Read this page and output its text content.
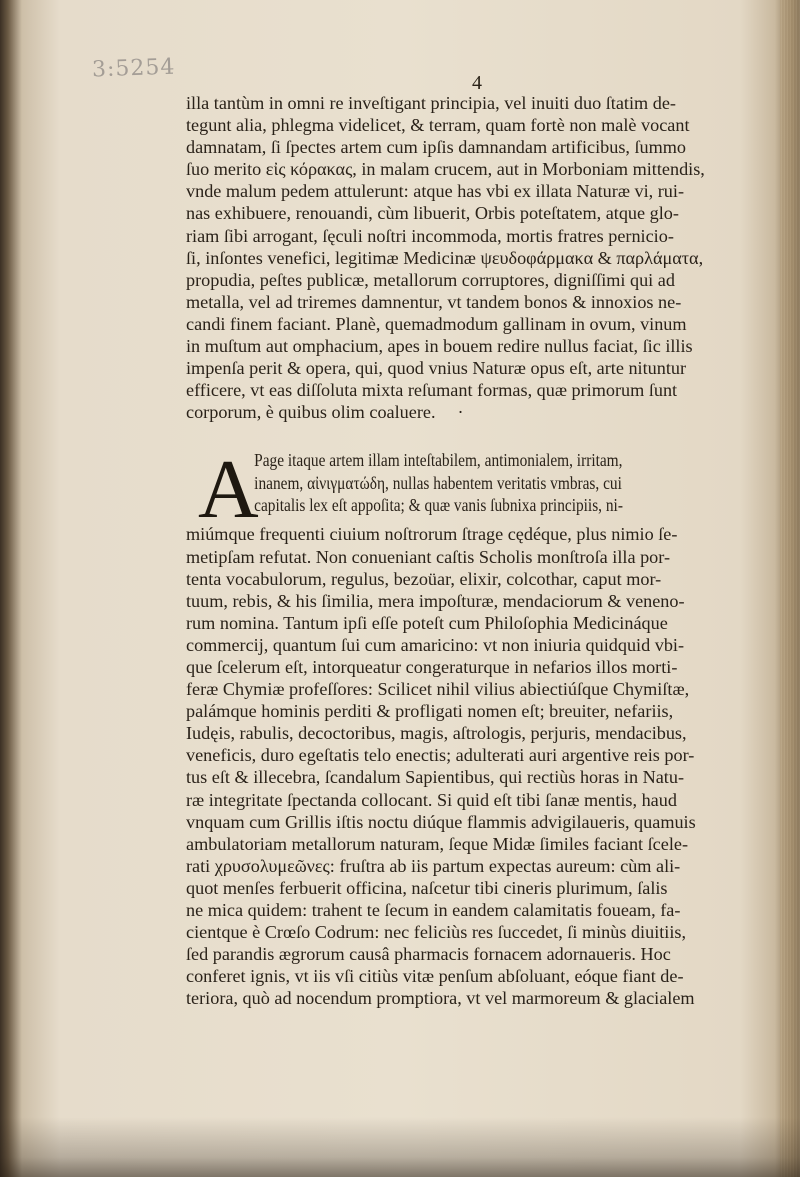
3:5254
4
illa tantùm in omni re inveſtigant principia, vel inuiti duo ſtatim de-
tegunt alia, phlegma videlicet, & terram, quam fortè non malè vocant
damnatam, ſi ſpectes artem cum ipſis damnandam artificibus, ſummo
ſuo merito εἰς κόρακας, in malam crucem, aut in Morboniam mittendis,
vnde malum pedem attulerunt: atque has vbi ex illata Naturæ vi, rui-
nas exhibuere, renouandi, cùm libuerit, Orbis poteſtatem, atque glo-
riam ſibi arrogant, ſęculi noſtri incommoda, mortis fratres pernicio-
ſi, inſontes venefici, legitimæ Medicinæ ψευδοφάρμακα & παρλάματα,
propudia, peſtes publicæ, metallorum corruptores, digniſſimi qui ad
metalla, vel ad triremes damnentur, vt tandem bonos & innoxios ne-
candi finem faciant. Planè, quemadmodum gallinam in ovum, vinum
in muſtum aut omphacium, apes in bouem redire nullus faciat, ſic illis
impenſa perit & opera, qui, quod vnius Naturæ opus eſt, arte nituntur
efficere, vt eas diſſoluta mixta reſumant formas, quæ primorum ſunt
corporum, è quibus olim coaluere. ·
A
Page itaque artem illam inteſtabilem, antimonialem, irritam,
inanem, αἰνιγματώδη, nullas habentem veritatis vmbras, cui
capitalis lex eſt appoſita; & quæ vanis ſubnixa principiis, ni-
miúmque frequenti ciuium noſtrorum ſtrage cędéque, plus nimio ſe-
metipſam refutat. Non conueniant caſtis Scholis monſtroſa illa por-
tenta vocabulorum, regulus, bezoüar, elixir, colcothar, caput mor-
tuum, rebis, & his ſimilia, mera impoſturæ, mendaciorum & veneno-
rum nomina. Tantum ipſi eſſe poteſt cum Philoſophia Medicináque
commercij, quantum ſui cum amaricino: vt non iniuria quidquid vbi-
que ſcelerum eſt, intorqueatur congeraturque in nefarios illos morti-
feræ Chymiæ profeſſores: Scilicet nihil vilius abiectiúſque Chymiſtæ,
palámque hominis perditi & profligati nomen eſt; breuiter, nefariis,
Iudęis, rabulis, decoctoribus, magis, aſtrologis, perjuris, mendacibus,
veneficis, duro egeſtatis telo enectis; adulterati auri argentive reis por-
tus eſt & illecebra, ſcandalum Sapientibus, qui rectiùs horas in Natu-
ræ integritate ſpectanda collocant. Si quid eſt tibi ſanæ mentis, haud
vnquam cum Grillis iſtis noctu diúque flammis advigilaueris, quamuis
ambulatoriam metallorum naturam, ſeque Midæ ſimiles faciant ſcele-
rati χρυσολυμεῶνες: fruſtra ab iis partum expectas aureum: cùm ali-
quot menſes ferbuerit officina, naſcetur tibi cineris plurimum, ſalis
ne mica quidem: trahent te ſecum in eandem calamitatis foueam, fa-
cientque è Crœſo Codrum: nec feliciùs res ſuccedet, ſi minùs diuitiis,
ſed parandis ægrorum causâ pharmacis fornacem adornaueris. Hoc
conferet ignis, vt iis vſi citiùs vitæ penſum abſoluant, eóque fiant de-
teriora, quò ad nocendum promptiora, vt vel marmoreum & glacialem
